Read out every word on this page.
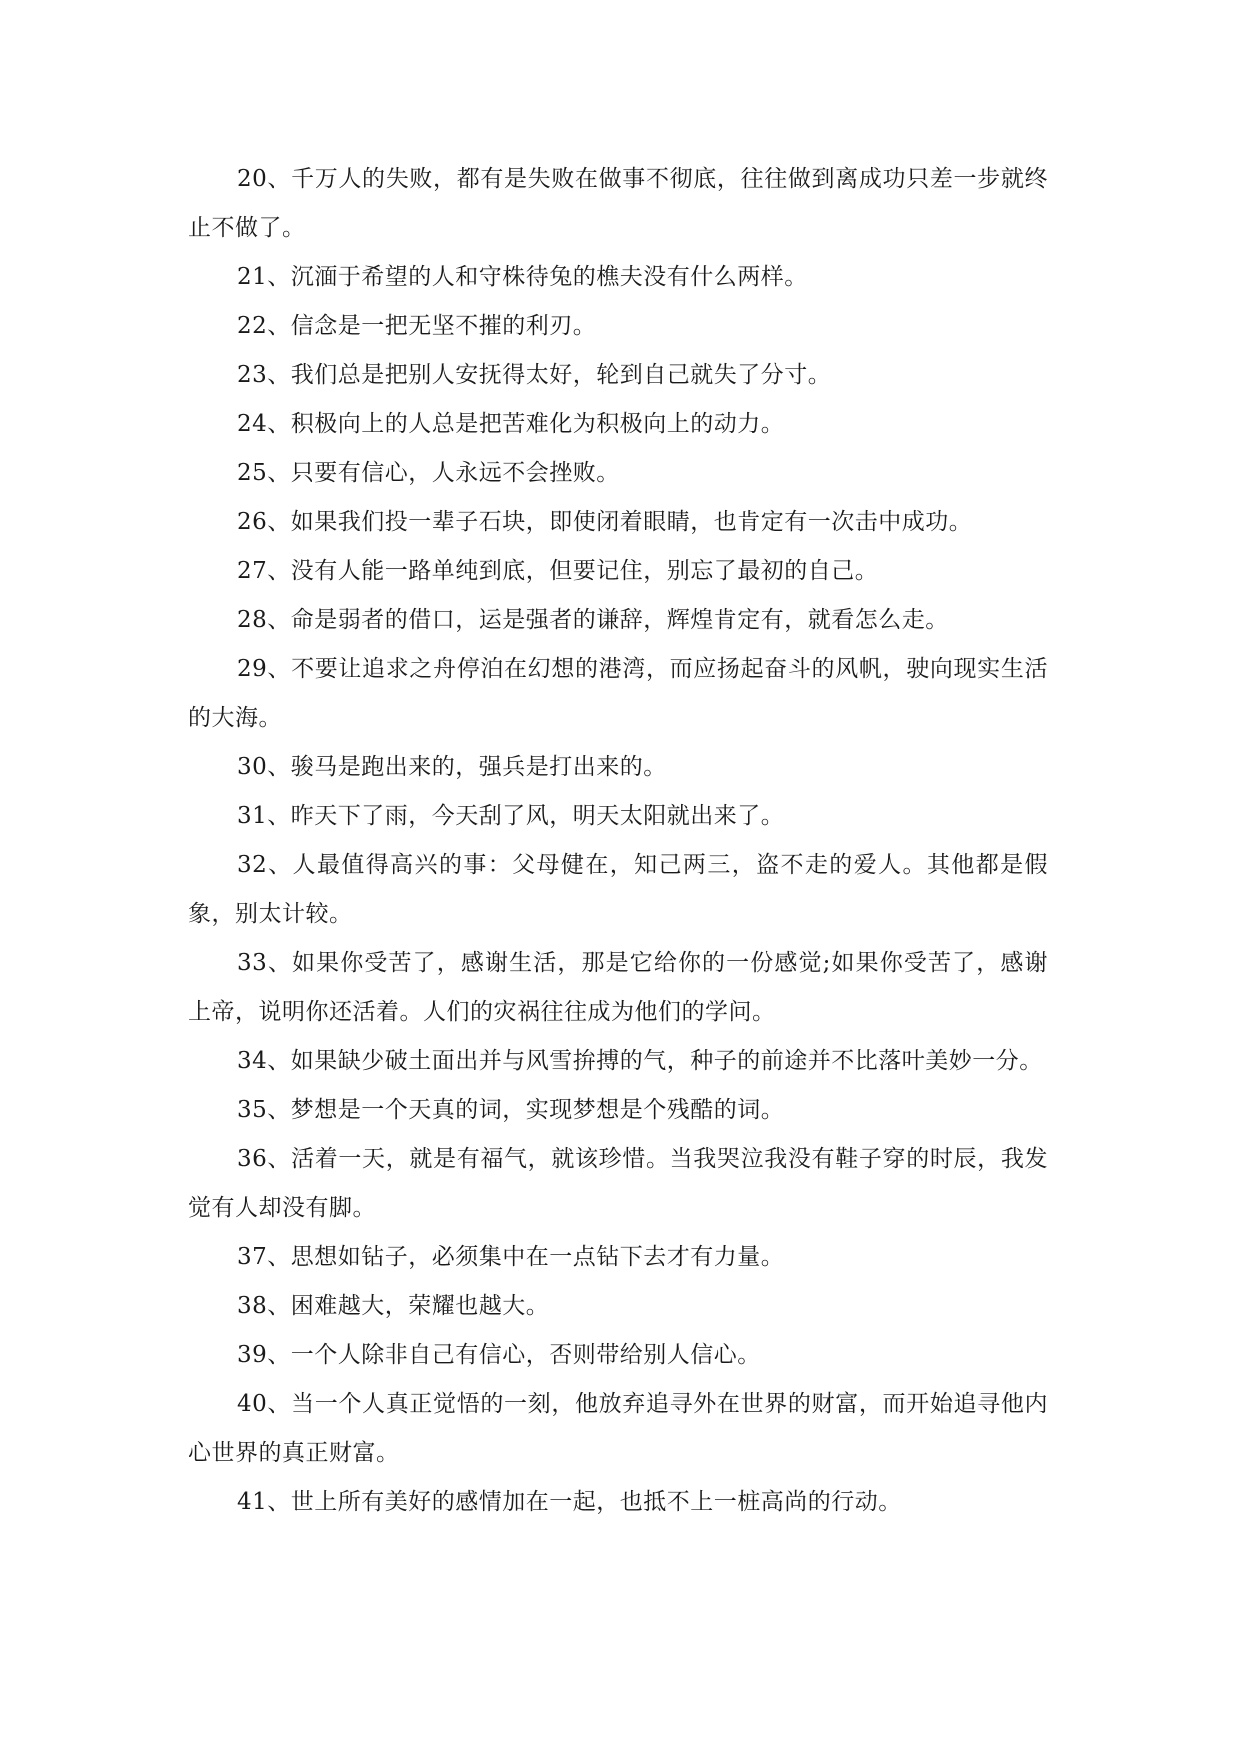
20、千万人的失败，都有是失败在做事不彻底，往往做到离成功只差一步就终止不做了。

21、沉湎于希望的人和守株待兔的樵夫没有什么两样。

22、信念是一把无坚不摧的利刃。

23、我们总是把别人安抚得太好，轮到自己就失了分寸。

24、积极向上的人总是把苦难化为积极向上的动力。

25、只要有信心，人永远不会挫败。

26、如果我们投一辈子石块，即使闭着眼睛，也肯定有一次击中成功。

27、没有人能一路单纯到底，但要记住，别忘了最初的自己。

28、命是弱者的借口，运是强者的谦辞，辉煌肯定有，就看怎么走。

29、不要让追求之舟停泊在幻想的港湾，而应扬起奋斗的风帆，驶向现实生活的大海。

30、骏马是跑出来的，强兵是打出来的。

31、昨天下了雨，今天刮了风，明天太阳就出来了。

32、人最值得高兴的事：父母健在，知己两三，盗不走的爱人。其他都是假象，别太计较。

33、如果你受苦了，感谢生活，那是它给你的一份感觉;如果你受苦了，感谢上帝，说明你还活着。人们的灾祸往往成为他们的学问。

34、如果缺少破土面出并与风雪拚搏的气，种子的前途并不比落叶美妙一分。

35、梦想是一个天真的词，实现梦想是个残酷的词。

36、活着一天，就是有福气，就该珍惜。当我哭泣我没有鞋子穿的时辰，我发觉有人却没有脚。

37、思想如钻子，必须集中在一点钻下去才有力量。

38、困难越大，荣耀也越大。

39、一个人除非自己有信心，否则带给别人信心。

40、当一个人真正觉悟的一刻，他放弃追寻外在世界的财富，而开始追寻他内心世界的真正财富。

41、世上所有美好的感情加在一起，也抵不上一桩高尚的行动。
